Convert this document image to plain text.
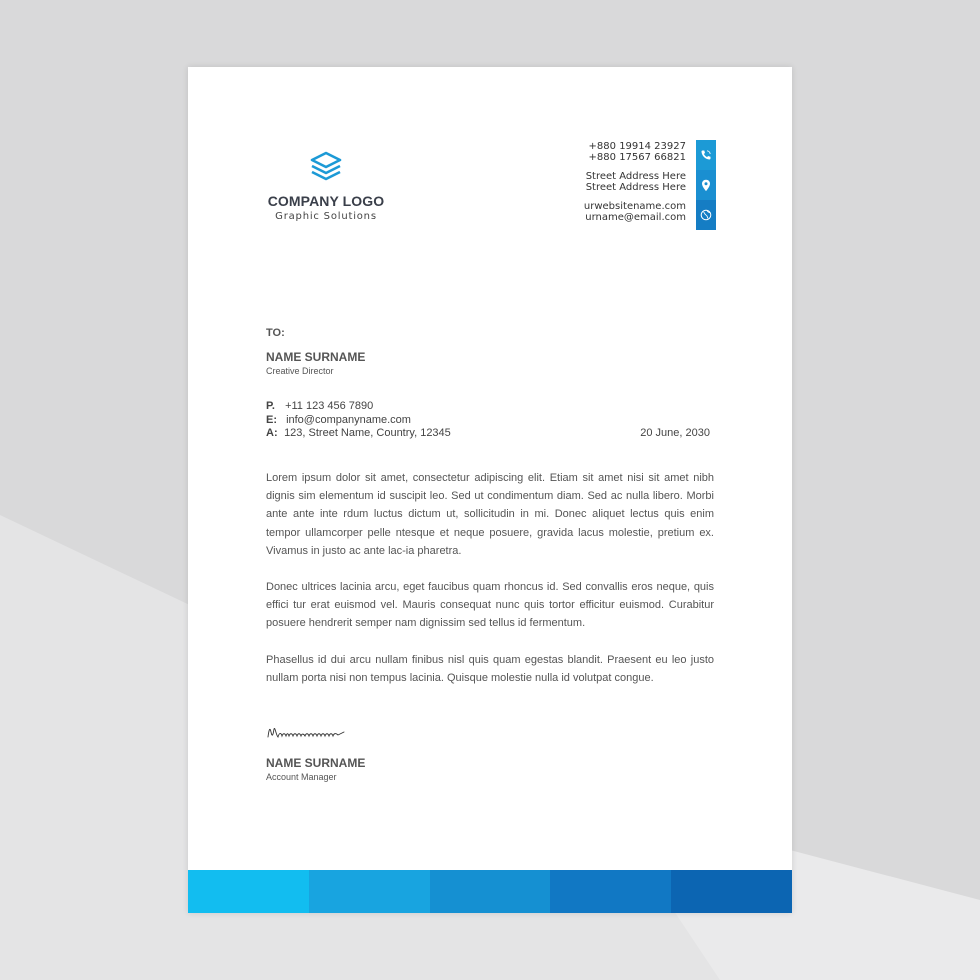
COMPANY LOGO
Graphic Solutions
+880 19914 23927
+880 17567 66821
Street Address Here
Street Address Here
urwebsitename.com
urname@email.com
TO:
NAME SURNAME
Creative Director
P. +11 123 456 7890
E: info@companyname.com
A: 123, Street Name, Country, 12345	20 June, 2030

Lorem ipsum dolor sit amet, consectetur adipiscing elit. Etiam sit amet nisi sit amet nibh dignis sim elementum id suscipit leo. Sed ut condimentum diam. Sed ac nulla libero. Morbi ante ante inte rdum luctus dictum ut, sollicitudin in mi. Donec aliquet lectus quis enim tempor ullamcorper pelle ntesque et neque posuere, gravida lacus molestie, pretium ex. Vivamus in justo ac ante lac-ia pharetra.

Donec ultrices lacinia arcu, eget faucibus quam rhoncus id. Sed convallis eros neque, quis effici tur erat euismod vel. Mauris consequat nunc quis tortor efficitur euismod. Curabitur posuere hendrerit semper nam dignissim sed tellus id fermentum.

Phasellus id dui arcu nullam finibus nisl quis quam egestas blandit. Praesent eu leo justo nullam porta nisi non tempus lacinia. Quisque molestie nulla id volutpat congue.

NAME SURNAME
Account Manager
